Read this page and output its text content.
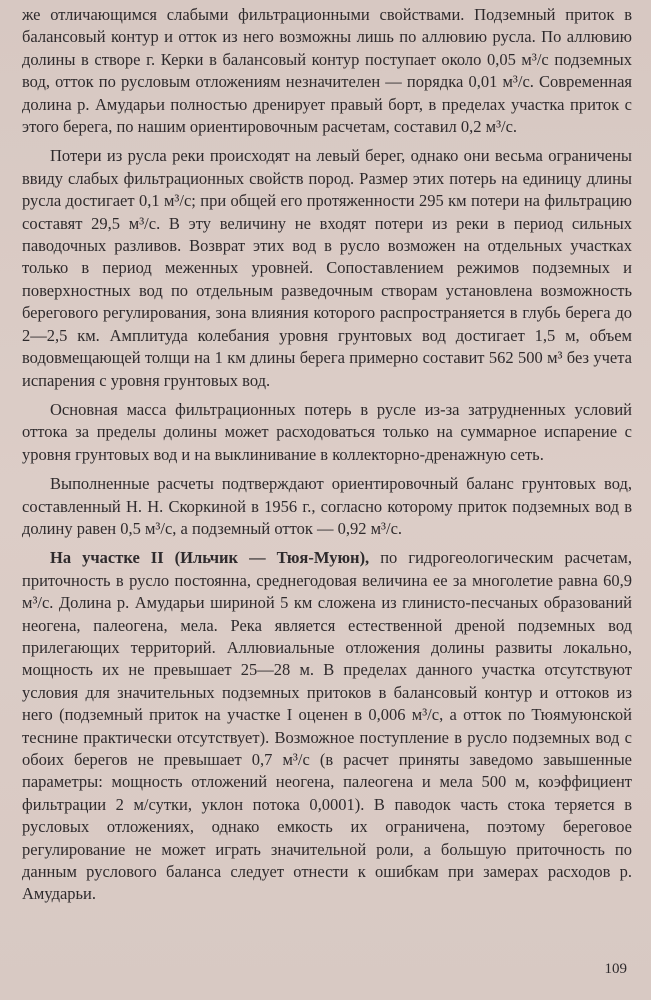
же отличающимся слабыми фильтрационными свойствами. Подземный приток в балансовый контур и отток из него возможны лишь по аллювию русла. По аллювию долины в створе г. Керки в балансовый контур поступает около 0,05 м³/с подземных вод, отток по русловым отложениям незначителен — порядка 0,01 м³/с. Современная долина р. Амударьи полностью дренирует правый борт, в пределах участка приток с этого берега, по нашим ориентировочным расчетам, составил 0,2 м³/с.

Потери из русла реки происходят на левый берег, однако они весьма ограничены ввиду слабых фильтрационных свойств пород. Размер этих потерь на единицу длины русла достигает 0,1 м³/с; при общей его протяженности 295 км потери на фильтрацию составят 29,5 м³/с. В эту величину не входят потери из реки в период сильных паводочных разливов. Возврат этих вод в русло возможен на отдельных участках только в период меженных уровней. Сопоставлением режимов подземных и поверхностных вод по отдельным разведочным створам установлена возможность берегового регулирования, зона влияния которого распространяется в глубь берега до 2—2,5 км. Амплитуда колебания уровня грунтовых вод достигает 1,5 м, объем водовмещающей толщи на 1 км длины берега примерно составит 562 500 м³ без учета испарения с уровня грунтовых вод.

Основная масса фильтрационных потерь в русле из-за затрудненных условий оттока за пределы долины может расходоваться только на суммарное испарение с уровня грунтовых вод и на выклинивание в коллекторно-дренажную сеть.

Выполненные расчеты подтверждают ориентировочный баланс грунтовых вод, составленный Н. Н. Скоркиной в 1956 г., согласно которому приток подземных вод в долину равен 0,5 м³/с, а подземный отток — 0,92 м³/с.

На участке II (Ильчик — Тюя-Муюн), по гидрогеологическим расчетам, приточность в русло постоянна, среднегодовая величина ее за многолетие равна 60,9 м³/с. Долина р. Амударьи шириной 5 км сложена из глинисто-песчаных образований неогена, палеогена, мела. Река является естественной дреной подземных вод прилегающих территорий. Аллювиальные отложения долины развиты локально, мощность их не превышает 25—28 м. В пределах данного участка отсутствуют условия для значительных подземных притоков в балансовый контур и оттоков из него (подземный приток на участке I оценен в 0,006 м³/с, а отток по Тюямуюнской теснине практически отсутствует). Возможное поступление в русло подземных вод с обоих берегов не превышает 0,7 м³/с (в расчет приняты заведомо завышенные параметры: мощность отложений неогена, палеогена и мела 500 м, коэффициент фильтрации 2 м/сутки, уклон потока 0,0001). В паводок часть стока теряется в русловых отложениях, однако емкость их ограничена, поэтому береговое регулирование не может играть значительной роли, а большую приточность по данным руслового баланса следует отнести к ошибкам при замерах расходов р. Амударьи.

109
